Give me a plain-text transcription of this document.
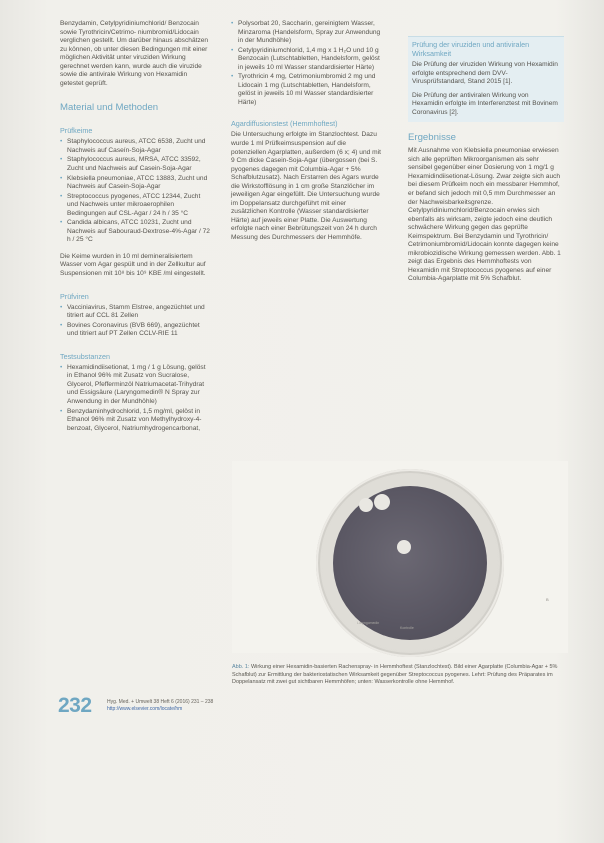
Benzydamin, Cetylpyridiniumchlorid/ Benzocain sowie Tyrothricin/Cetrimo- niumbromid/Lidocain verglichen gestellt. Um darüber hinaus abschätzen zu können, ob unter diesen Bedingungen mit einer möglichen Aktivität unter viruziden Wirkung gerechnet werden kann, wurde auch die viruzide sowie die antivirale Wirkung von Hexamidin getestet geprüft.

Material und Methoden
Prüfkeime
• Staphylococcus aureus, ATCC 6538, Zucht und Nachweis auf Caseín-Soja-Agar
• Staphylococcus aureus, MRSA, ATCC 33592, Zucht und Nachweis auf Casein-Soja-Agar
• Klebsiella pneumoniae, ATCC 13883, Zucht und Nachweis auf Casein-Soja-Agar
• Streptococcus pyogenes, ATCC 12344, Zucht und Nachweis unter mikroaerophilen Bedingungen auf CSL-Agar / 24 h / 35 °C
• Candida albicans, ATCC 10231, Zucht und Nachweis auf Sabouraud-Dextrose-4%-Agar / 72 h / 25 °C

Die Keime wurden in 10 ml demineralisiertem Wasser vom Agar gespült und in der Zellkultur auf Suspensionen mit 10⁸ bis 10⁹ KBE /ml eingestellt.

Prüfviren
• Vacciniavirus, Stamm Elstree, angezüchtet und titriert auf CCL 81 Zellen
• Bovines Coronavirus (BVB 669), angezüchtet und titriert auf PT Zellen CCLV-RIE 11
Testsubstanzen
• Hexamidindiisetionat, 1 mg / 1 g Lösung, gelöst in Ethanol 96% mit Zusatz von Sucralose, Glycerol, Pfefferminzöl Natriumacetat-Trihydrat und Essigsäure (Laryngomedin® N Spray zur Anwendung in der Mundhöhle)
• Benzydaminhydrochlorid, 1,5 mg/ml, gelöst in Ethanol 96% mit Zusatz von Methylhydroxy-4-benzoat, Glycerol, Natriumhydrogencarbonat,
• Polysorbat 20, Saccharin, gereinigtem Wasser, Minzaroma (Handelsform, Spray zur Anwendung in der Mundhöhle)
• Cetylpyridiniumchlorid, 1,4 mg x 1 H₂O und 10 g Benzocain (Lutschtabletten, Handelsform, gelöst in jeweils 10 ml Wasser standardisierter Härte)
• Tyrothricin 4 mg, Cetrimoniumbromid 2 mg und Lidocain 1 mg (Lutschtabletten, Handelsform, gelöst in jeweils 10 ml Wasser standardisierter Härte)
Agardiffusionstest (Hemmhoftest)

Die Untersuchung erfolgte im Stanzlochtest. Dazu wurde 1 ml Prüfkeimsuspension auf die potenziellen Agarplatten, außerdem (6 x; 4) und mit 9 Cm dicke Casein-Soja-Agar (übergossen (bei S. pyogenes dagegen mit Columbia-Agar + 5% Schafblutzusatz). Nach Erstarren des Agars wurde die Wirkstofflösung in 1 cm große Stanzlöcher im jeweiligen Agar eingefüllt. Die Untersuchung wurde im Doppelansatz durchgeführt mit einer zusätzlichen Kontrolle (Wasser standardisierter Härte) auf jeweils einer Platte. Die Auswertung erfolgte nach einer Bebrütungszeit von 24 h durch Messung des Durchmessers der Hemmhöfe.

Prüfung der viruziden und antiviralen Wirksamkeit

Die Prüfung der viruziden Wirkung von Hexamidin erfolgte entsprechend dem DVV-Virusprüfstandard, Stand 2015 [1].

Die Prüfung der antiviralen Wirkung von Hexamidin erfolgte im Interferenztest mit Bovinem Coronavirus [2].

Ergebnisse

Mit Ausnahme von Klebsiella pneumoniae erwiesen sich alle geprüften Mikroorganismen als sehr sensibel gegenüber einer Dosierung von 1 mg/1 g Hexamidindiisetionat-Lösung. Zwar zeigte sich auch bei diesem Prüfkeim noch ein messbarer Hemmhof, er befand sich jedoch mit 0,5 mm Durchmesser an der Nachweisbarkeitsgrenze. Cetylpyridiniumchlorid/Benzocain erwies sich ebenfalls als wirksam, zeigte jedoch eine deutlich schwächere Wirkung gegen das geprüfte Keimspektrum. Bei Benzydamin und Tyrothricin/ Cetrimoniumbromid/Lidocain konnte dagegen keine mikrobiozidische Wirkung gemessen werden. Abb. 1 zeigt das Ergebnis des Hemmhoftests von Hexamidin mit Streptococcus pyogenes auf einer Columbia-Agarplatte mit 5% Schafblut.

Laryngomedin
Kontrolle
B
Abb. 1: Wirkung einer Hexamidin-basierten Rachenspray- in Hemmhoftest (Stanzlochtest). Bild einer Agarplatte (Columbia-Agar + 5% Schafblut) zur Ermittlung der bakteriostatischen Wirksamkeit gegenüber Streptococcus pyogenes. Lehrt: Prüfung des Präparates im Doppelansatz mit zwei gut sichtbaren Hemmhöfen; unten: Wasserkontrolle ohne Hemmhof.
232	Hyg. Med. + Umwelt 38 Heft 6 (2016) 231 – 238
http://www.elsevier.com/locate/hm
